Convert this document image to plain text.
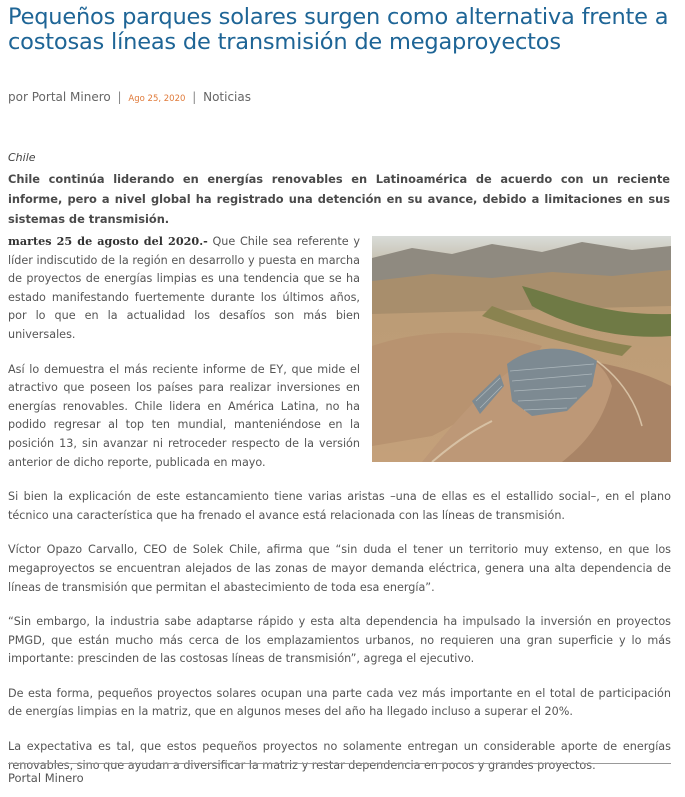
Pequeños parques solares surgen como alternativa frente a costosas líneas de transmisión de megaproyectos
por Portal Minero | Ago 25, 2020 | Noticias
Chile

Chile continúa liderando en energías renovables en Latinoamérica de acuerdo con un reciente informe, pero a nivel global ha registrado una detención en su avance, debido a limitaciones en sus sistemas de transmisión.

martes 25 de agosto del 2020.- Que Chile sea referente y líder indiscutido de la región en desarrollo y puesta en marcha de proyectos de energías limpias es una tendencia que se ha estado manifestando fuertemente durante los últimos años, por lo que en la actualidad los desafíos son más bien universales.

Así lo demuestra el más reciente informe de EY, que mide el atractivo que poseen los países para realizar inversiones en energías renovables. Chile lidera en América Latina, no ha podido regresar al top ten mundial, manteniéndose en la posición 13, sin avanzar ni retroceder respecto de la versión anterior de dicho reporte, publicada en mayo.

Si bien la explicación de este estancamiento tiene varias aristas –una de ellas es el estallido social–, en el plano técnico una característica que ha frenado el avance está relacionada con las líneas de transmisión.

Víctor Opazo Carvallo, CEO de Solek Chile, afirma que “sin duda el tener un territorio muy extenso, en que los megaproyectos se encuentran alejados de las zonas de mayor demanda eléctrica, genera una alta dependencia de líneas de transmisión que permitan el abastecimiento de toda esa energía”.

“Sin embargo, la industria sabe adaptarse rápido y esta alta dependencia ha impulsado la inversión en proyectos PMGD, que están mucho más cerca de los emplazamientos urbanos, no requieren una gran superficie y lo más importante: prescinden de las costosas líneas de transmisión”, agrega el ejecutivo.

De esta forma, pequeños proyectos solares ocupan una parte cada vez más importante en el total de participación de energías limpias en la matriz, que en algunos meses del año ha llegado incluso a superar el 20%.

La expectativa es tal, que estos pequeños proyectos no solamente entregan un considerable aporte de energías renovables, sino que ayudan a diversificar la matriz y restar dependencia en pocos y grandes proyectos.

Portal Minero
